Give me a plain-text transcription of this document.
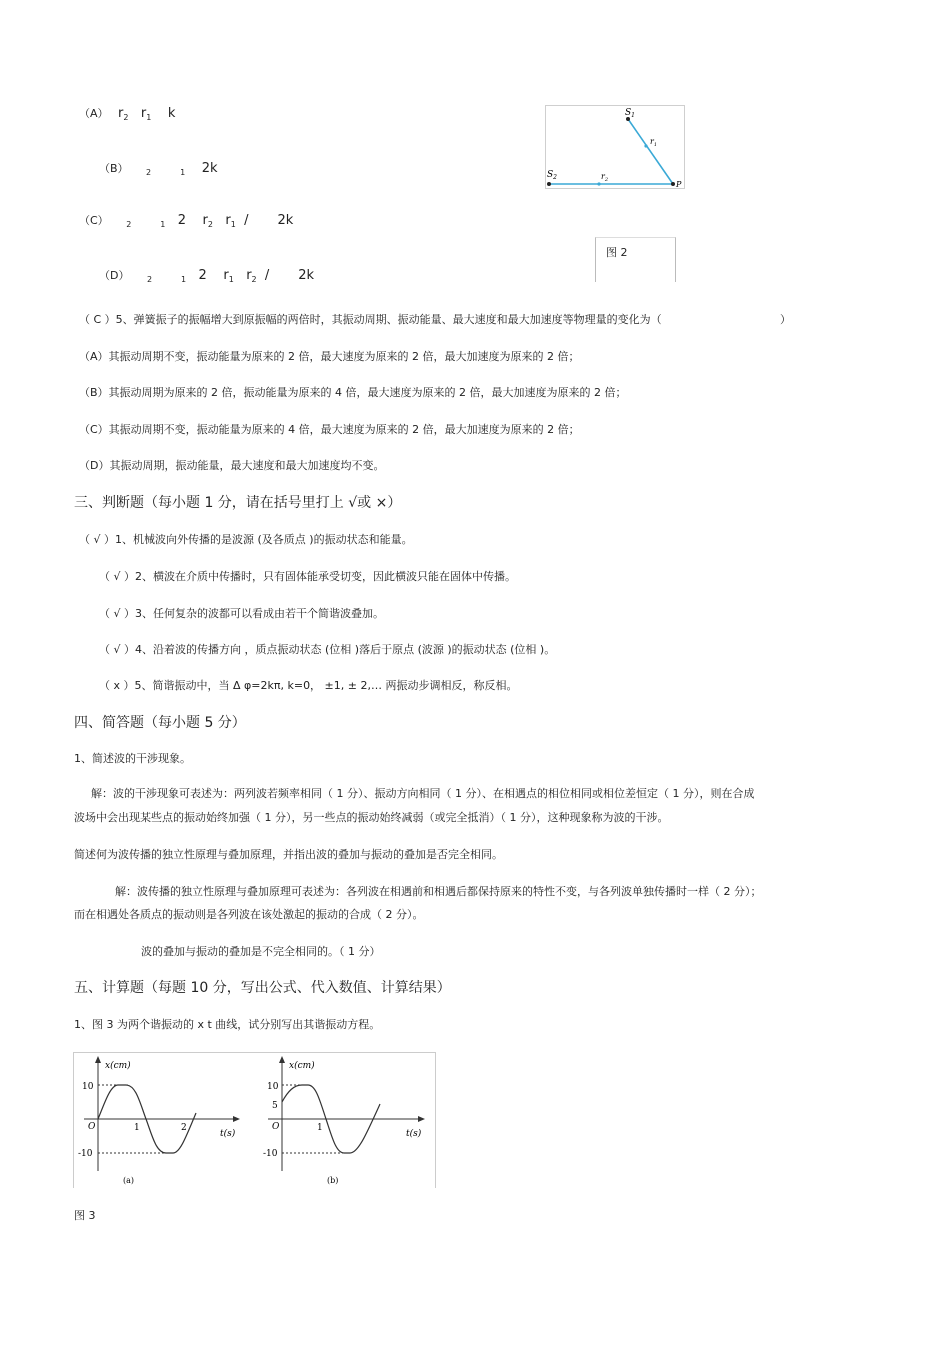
（A） $r_2$ $r_1$ k
（B） $_2$	$_1$ 2k
（C） $_2$	$_1$ 2 $r_2$ $r_1 / 2k$
（D） $_2$	$_1$ 2 $r_1$ $r_2 / 2k$
$S_1$
$S_2$
$r_1$
$r_2$	P
图 2
（ C ）5、弹簧振子的振幅增大到原振幅的两倍时，其振动周期、振动能量、最大速度和最大加速度等物理量的变化为（	）
（A）其振动周期不变，振动能量为原来的 2 倍，最大速度为原来的 2 倍，最大加速度为原来的 2 倍；
（B）其振动周期为原来的 2 倍，振动能量为原来的 4 倍，最大速度为原来的 2 倍，最大加速度为原来的 2 倍；
（C）其振动周期不变，振动能量为原来的 4 倍，最大速度为原来的 2 倍，最大加速度为原来的 2 倍；
（D）其振动周期，振动能量，最大速度和最大加速度均不变。
三、判断题（每小题 1 分，请在括号里打上 √或 ×）
（ √ ）1、机械波向外传播的是波源 (及各质点 )的振动状态和能量。
（ √ ）2、横波在介质中传播时，只有固体能承受切变，因此横波只能在固体中传播。
（ √ ）3、任何复杂的波都可以看成由若干个简谐波叠加。
（ √ ）4、沿着波的传播方向 ，质点振动状态 (位相 )落后于原点 (波源 )的振动状态 (位相 )。
（ x ）5、简谐振动中，当 Δ φ=2kπ, k=0， ±1, ± 2,… 两振动步调相反，称反相。
四、简答题（每小题 5 分）
1、简述波的干涉现象。
解：波的干涉现象可表述为：两列波若频率相同（ 1 分）、振动方向相同（ 1 分）、在相遇点的相位相同或相位差恒定（ 1 分），则在合成
波场中会出现某些点的振动始终加强（ 1 分），另一些点的振动始终减弱（或完全抵消）（ 1 分），这种现象称为波的干涉。
简述何为波传播的独立性原理与叠加原理，并指出波的叠加与振动的叠加是否完全相同。
解：波传播的独立性原理与叠加原理可表述为：各列波在相遇前和相遇后都保持原来的特性不变，与各列波单独传播时一样（ 2 分）；
而在相遇处各质点的振动则是各列波在该处激起的振动的合成（ 2 分）。
波的叠加与振动的叠加是不完全相同的。（ 1 分）
五、计算题（每题 10 分，写出公式、代入数值、计算结果）
1、图 3 为两个谐振动的 x t 曲线，试分别写出其谐振动方程。
x(cm)
t(s)
O
10
-10
1	2
(a)
x(cm)
t(s)
O
10
5
-10
1
(b)
图 3
